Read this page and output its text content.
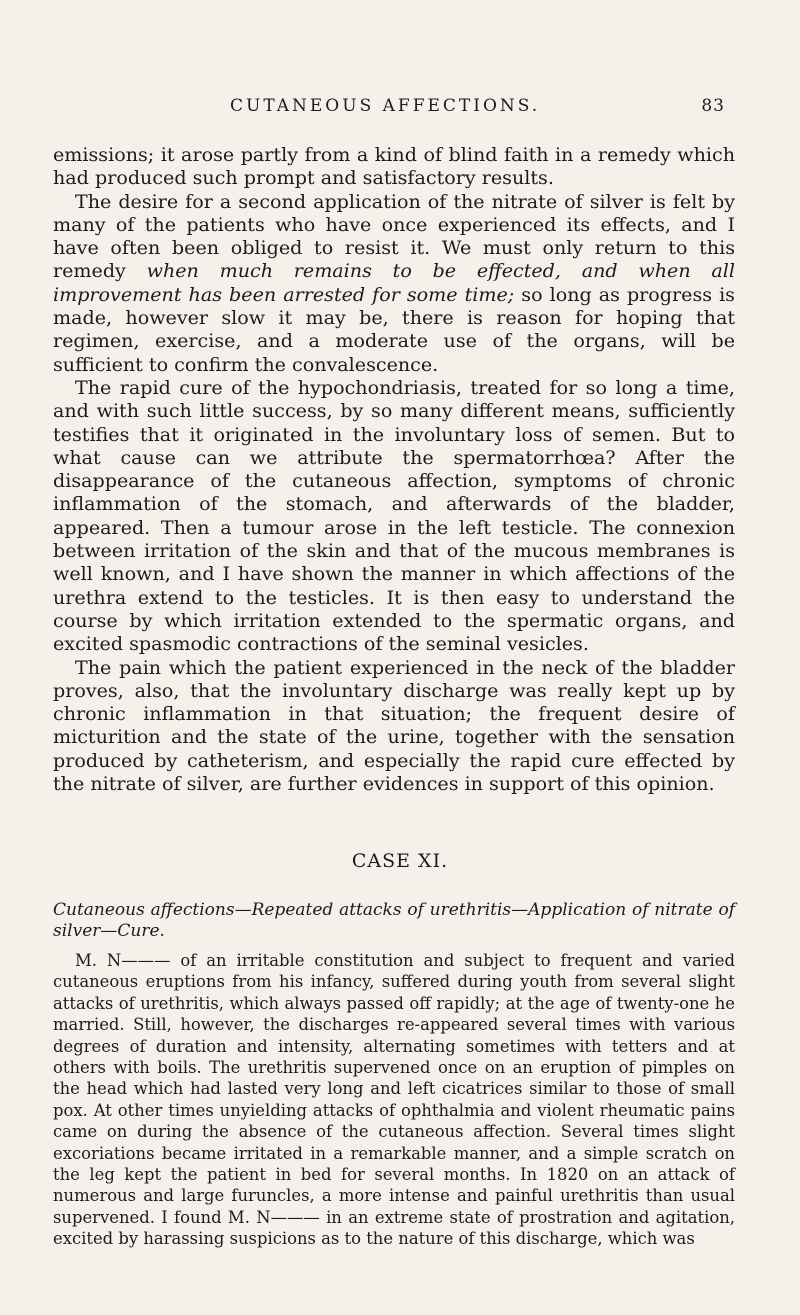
CUTANEOUS AFFECTIONS.	83

emissions; it arose partly from a kind of blind faith in a remedy which had produced such prompt and satisfactory results.

The desire for a second application of the nitrate of silver is felt by many of the patients who have once experienced its effects, and I have often been obliged to resist it. We must only return to this remedy when much remains to be effected, and when all improvement has been arrested for some time; so long as progress is made, however slow it may be, there is reason for hoping that regimen, exercise, and a moderate use of the organs, will be sufficient to confirm the convalescence.

The rapid cure of the hypochondriasis, treated for so long a time, and with such little success, by so many different means, sufficiently testifies that it originated in the involuntary loss of semen. But to what cause can we attribute the spermatorrhœa? After the disappearance of the cutaneous affection, symptoms of chronic inflammation of the stomach, and afterwards of the bladder, appeared. Then a tumour arose in the left testicle. The connexion between irritation of the skin and that of the mucous membranes is well known, and I have shown the manner in which affections of the urethra extend to the testicles. It is then easy to understand the course by which irritation extended to the spermatic organs, and excited spasmodic contractions of the seminal vesicles.

The pain which the patient experienced in the neck of the bladder proves, also, that the involuntary discharge was really kept up by chronic inflammation in that situation; the frequent desire of micturition and the state of the urine, together with the sensation produced by catheterism, and especially the rapid cure effected by the nitrate of silver, are further evidences in support of this opinion.

CASE XI.
Cutaneous affections—Repeated attacks of urethritis—Application of nitrate of silver—Cure.

M. N——— of an irritable constitution and subject to frequent and varied cutaneous eruptions from his infancy, suffered during youth from several slight attacks of urethritis, which always passed off rapidly; at the age of twenty-one he married. Still, however, the discharges re-appeared several times with various degrees of duration and intensity, alternating sometimes with tetters and at others with boils. The urethritis supervened once on an eruption of pimples on the head which had lasted very long and left cicatrices similar to those of small pox. At other times unyielding attacks of ophthalmia and violent rheumatic pains came on during the absence of the cutaneous affection. Several times slight excoriations became irritated in a remarkable manner, and a simple scratch on the leg kept the patient in bed for several months. In 1820 on an attack of numerous and large furuncles, a more intense and painful urethritis than usual supervened. I found M. N——— in an extreme state of prostration and agitation, excited by harassing suspicions as to the nature of this discharge, which was
